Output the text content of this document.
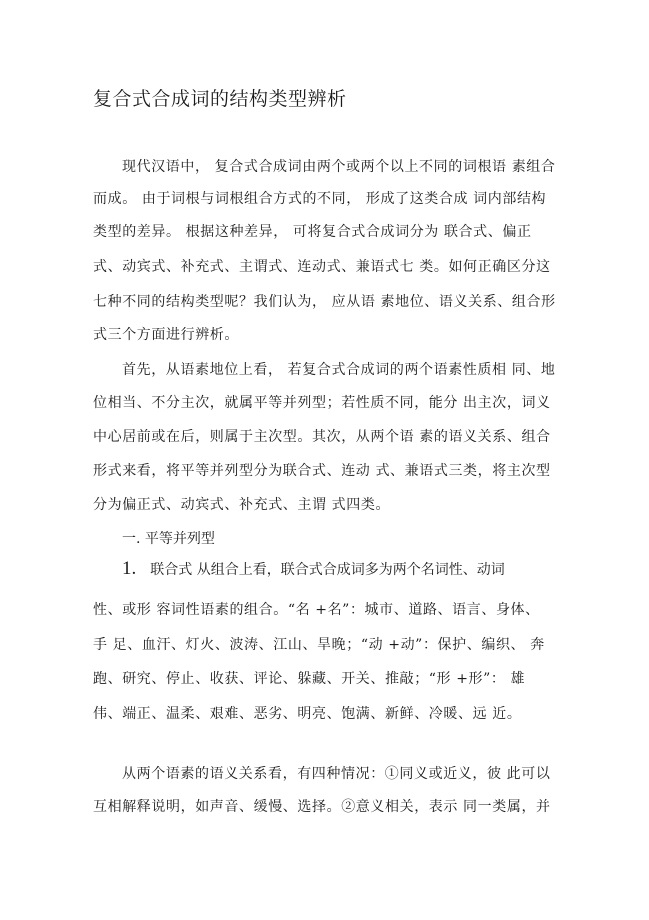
复合式合成词的结构类型辨析
现代汉语中， 复合式合成词由两个或两个以上不同的词根语 素组合
而成。 由于词根与词根组合方式的不同， 形成了这类合成 词内部结构
类型的差异。 根据这种差异， 可将复合式合成词分为 联合式、偏正
式、动宾式、补充式、主谓式、连动式、兼语式七 类。如何正确区分这
七种不同的结构类型呢？我们认为， 应从语 素地位、语义关系、组合形
式三个方面进行辨析。
首先，从语素地位上看， 若复合式合成词的两个语素性质相 同、地
位相当、不分主次，就属平等并列型；若性质不同，能分 出主次，词义
中心居前或在后，则属于主次型。其次，从两个语 素的语义关系、组合
形式来看，将平等并列型分为联合式、连动 式、兼语式三类，将主次型
分为偏正式、动宾式、补充式、主谓 式四类。
一. 平等并列型
1. 联合式 从组合上看，联合式合成词多为两个名词性、动词
性、或形 容词性语素的组合。“名 +名”：城市、道路、语言、身体、
手 足、血汗、灯火、波涛、江山、旱晚；“动 +动”：保护、编织、 奔
跑、研究、停止、收获、评论、躲藏、开关、推敲；“形 +形”： 雄
伟、端正、温柔、艰难、恶劣、明亮、饱满、新鲜、冷暖、远 近。
从两个语素的语义关系看，有四种情况：①同义或近义，彼 此可以
互相解释说明，如声音、缓慢、选择。②意义相关，表示 同一类属，并
